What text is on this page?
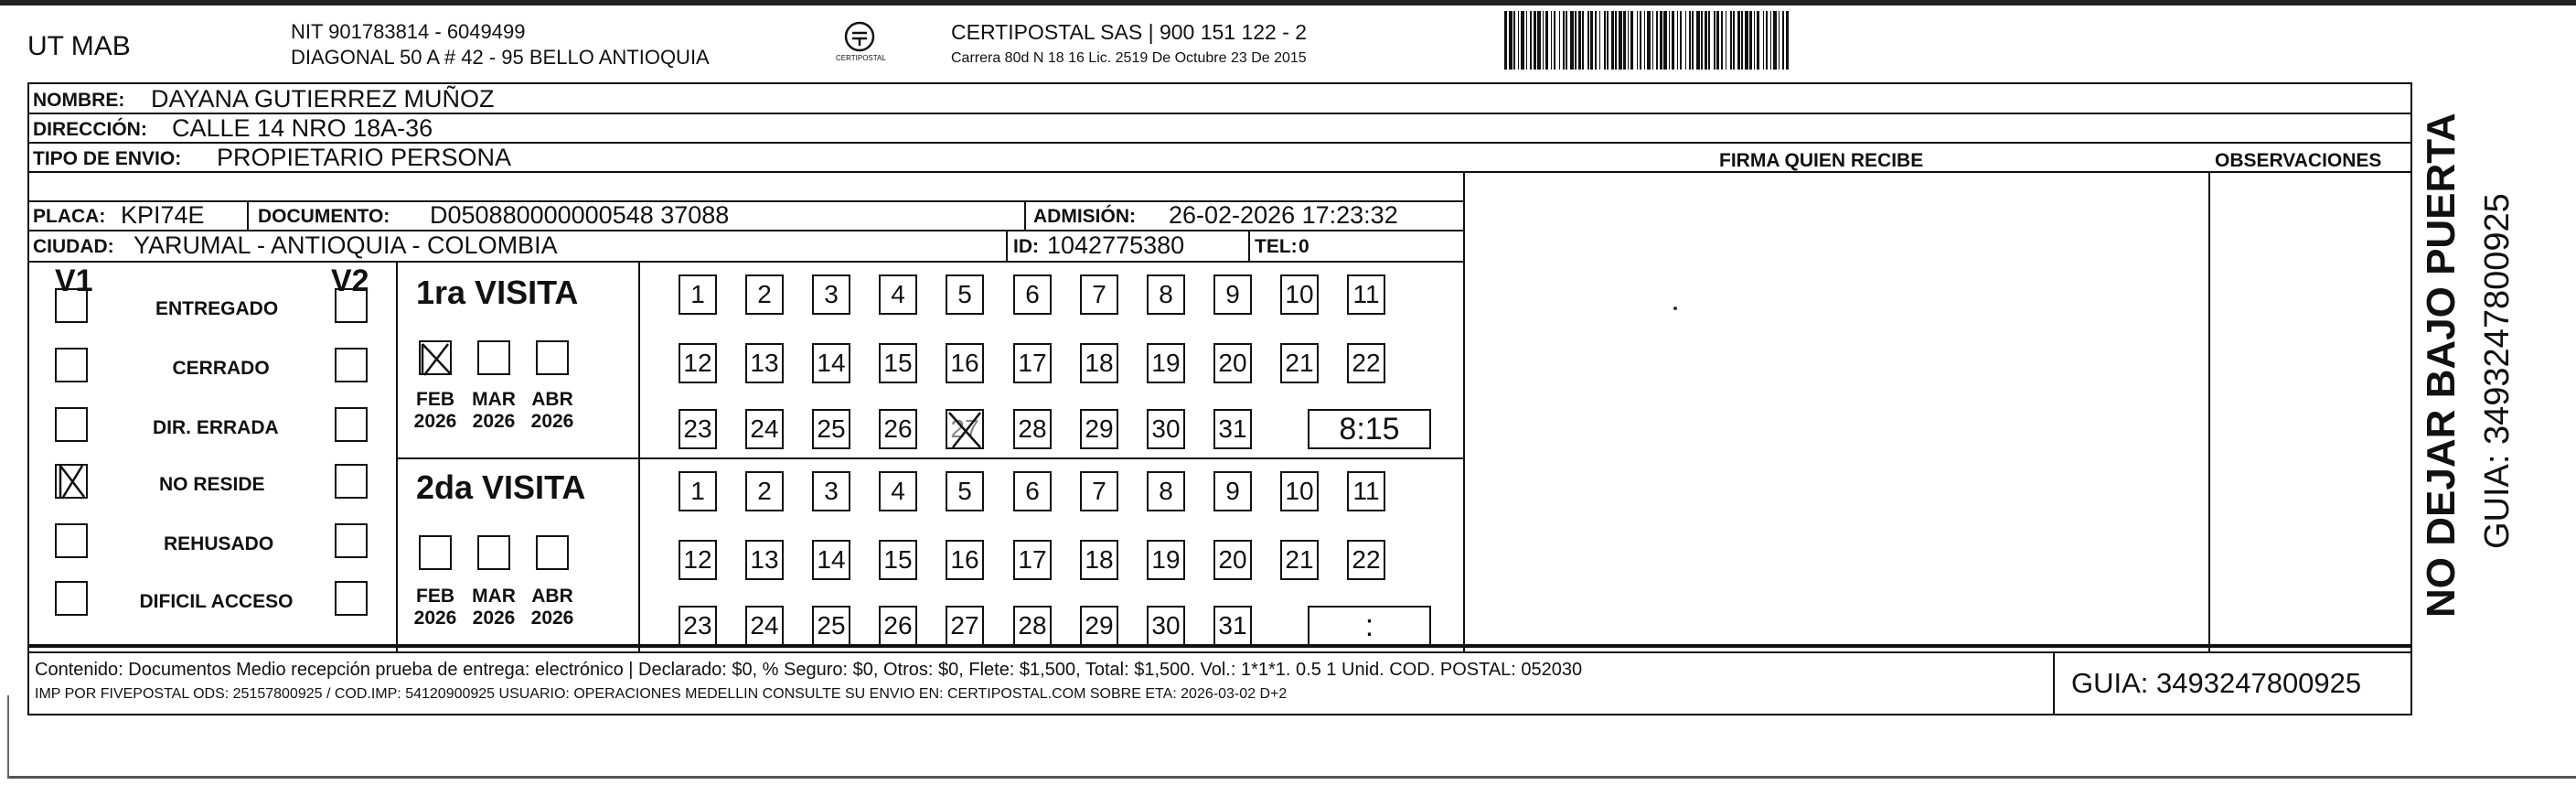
UT MAB	NIT 901783814 - 6049499
DIAGONAL 50 A # 42 - 95 BELLO ANTIOQUIA	CERTIPOSTAL
CERTIPOSTAL SAS | 900 151 122 - 2
Carrera 80d N 18 16 Lic. 2519 De Octubre 23 De 2015
NOMBRE: DAYANA GUTIERREZ MUÑOZ
DIRECCIÓN: CALLE 14 NRO 18A-36
TIPO DE ENVIO: PROPIETARIO PERSONA	FIRMA QUIEN RECIBE	OBSERVACIONES
PLACA: KPI74E	DOCUMENTO: D050880000000548 37088	ADMISIÓN: 26-02-2026 17:23:32
CIUDAD: YARUMAL - ANTIOQUIA - COLOMBIA	ID: 1042775380	TEL: 0
V1	V2
ENTREGADO
CERRADO
DIR. ERRADA
NO RESIDE
REHUSADO
DIFICIL ACCESO
1ra VISITA
2da VISITA
1	2	3	4	5	6	7	8	9	10 11
12 13 14 15 16 17 18 19 20 21 22
23 24 25 26 27 28 29 30 31	8:15
1	2	3	4	5	6	7	8	9	10 11
12 13 14 15 16 17 18 19 20 21 22
23 24 25 26 27 28 29 30 31	:
FEB
2026
MAR
2026
ABR
2026
FEB
2026
MAR
2026
ABR
2026
Contenido: Documentos Medio recepción prueba de entrega: electrónico | Declarado: $0, % Seguro: $0, Otros: $0, Flete: $1,500, Total: $1,500. Vol.: 1*1*1. 0.5 1 Unid. COD. POSTAL: 052030
IMP POR FIVEPOSTAL ODS: 25157800925 / COD.IMP: 54120900925 USUARIO: OPERACIONES MEDELLIN CONSULTE SU ENVIO EN: CERTIPOSTAL.COM SOBRE ETA: 2026-03-02 D+2	GUIA: 3493247800925
NO DEJAR BAJO PUERTA GUIA: 3493247800925
